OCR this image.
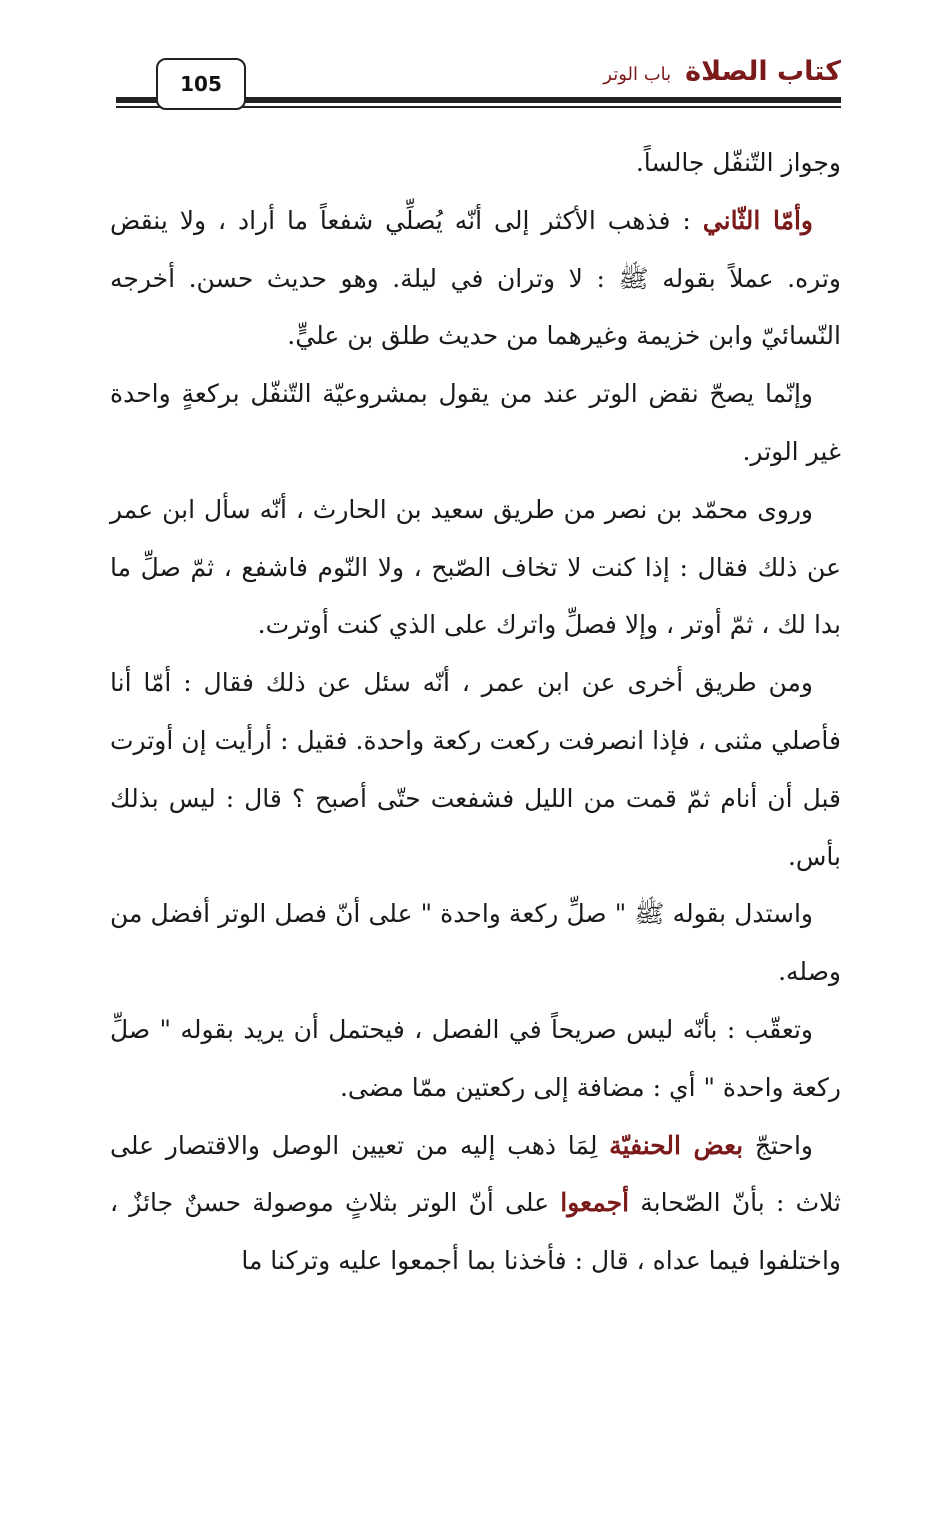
كتاب الصلاة
باب الوتر
105

وجواز التّنفّل جالساً.

وأمّا الثّاني : فذهب الأكثر إلى أنّه يُصلِّي شفعاً ما أراد ، ولا ينقض وتره. عملاً بقوله ﷺ : لا وتران في ليلة. وهو حديث حسن. أخرجه النّسائيّ وابن خزيمة وغيرهما من حديث طلق بن عليٍّ.

وإنّما يصحّ نقض الوتر عند من يقول بمشروعيّة التّنفّل بركعةٍ واحدة غير الوتر.

وروى محمّد بن نصر من طريق سعيد بن الحارث ، أنّه سأل ابن عمر عن ذلك فقال : إذا كنت لا تخاف الصّبح ، ولا النّوم فاشفع ، ثمّ صلِّ ما بدا لك ، ثمّ أوتر ، وإلا فصلِّ واترك على الذي كنت أوترت.

ومن طريق أخرى عن ابن عمر ، أنّه سئل عن ذلك فقال : أمّا أنا فأصلي مثنى ، فإذا انصرفت ركعت ركعة واحدة. فقيل : أرأيت إن أوترت قبل أن أنام ثمّ قمت من الليل فشفعت حتّى أصبح ؟ قال : ليس بذلك بأس.

واستدل بقوله ﷺ " صلِّ ركعة واحدة " على أنّ فصل الوتر أفضل من وصله.

وتعقّب : بأنّه ليس صريحاً في الفصل ، فيحتمل أن يريد بقوله " صلِّ ركعة واحدة " أي : مضافة إلى ركعتين ممّا مضى.

واحتجّ بعض الحنفيّة لِمَا ذهب إليه من تعيين الوصل والاقتصار على ثلاث : بأنّ الصّحابة أجمعوا على أنّ الوتر بثلاثٍ موصولة حسنٌ جائزٌ ، واختلفوا فيما عداه ، قال : فأخذنا بما أجمعوا عليه وتركنا ما
